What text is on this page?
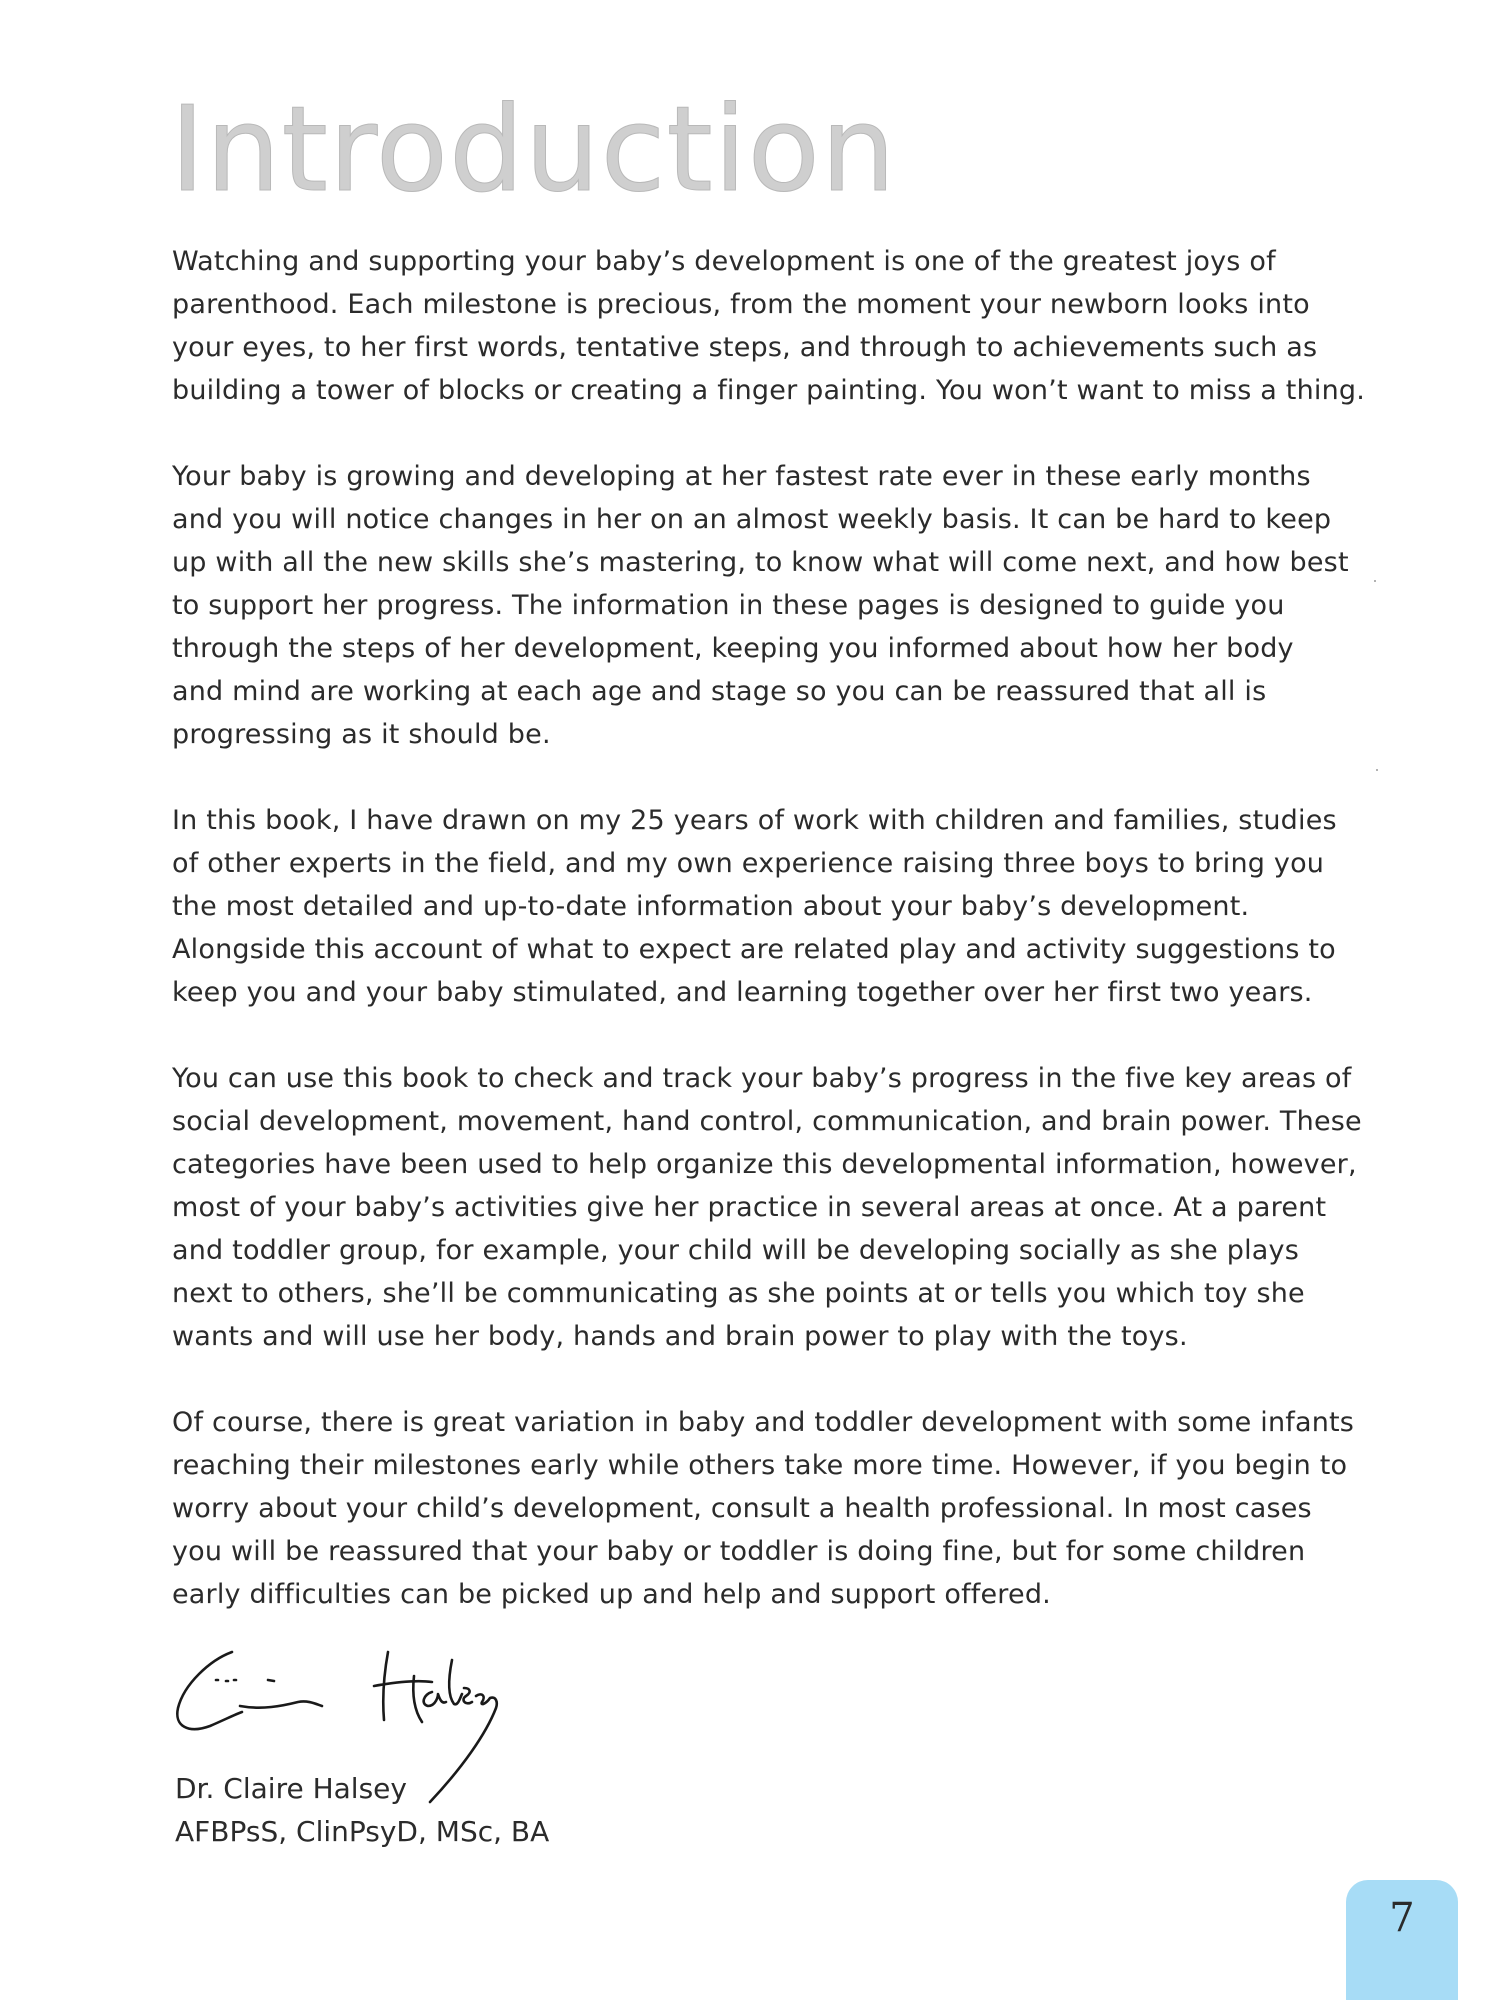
Introduction

Watching and supporting your baby’s development is one of the greatest joys of
parenthood. Each milestone is precious, from the moment your newborn looks into
your eyes, to her first words, tentative steps, and through to achievements such as
building a tower of blocks or creating a finger painting. You won’t want to miss a thing.

Your baby is growing and developing at her fastest rate ever in these early months
and you will notice changes in her on an almost weekly basis. It can be hard to keep
up with all the new skills she’s mastering, to know what will come next, and how best
to support her progress. The information in these pages is designed to guide you
through the steps of her development, keeping you informed about how her body
and mind are working at each age and stage so you can be reassured that all is
progressing as it should be.

In this book, I have drawn on my 25 years of work with children and families, studies
of other experts in the field, and my own experience raising three boys to bring you
the most detailed and up-to-date information about your baby’s development.
Alongside this account of what to expect are related play and activity suggestions to
keep you and your baby stimulated, and learning together over her first two years.

You can use this book to check and track your baby’s progress in the five key areas of
social development, movement, hand control, communication, and brain power. These
categories have been used to help organize this developmental information, however,
most of your baby’s activities give her practice in several areas at once. At a parent
and toddler group, for example, your child will be developing socially as she plays
next to others, she’ll be communicating as she points at or tells you which toy she
wants and will use her body, hands and brain power to play with the toys.

Of course, there is great variation in baby and toddler development with some infants
reaching their milestones early while others take more time. However, if you begin to
worry about your child’s development, consult a health professional. In most cases
you will be reassured that your baby or toddler is doing fine, but for some children
early difficulties can be picked up and help and support offered.

Dr. Claire Halsey
AFBPsS, ClinPsyD, MSc, BA
7
